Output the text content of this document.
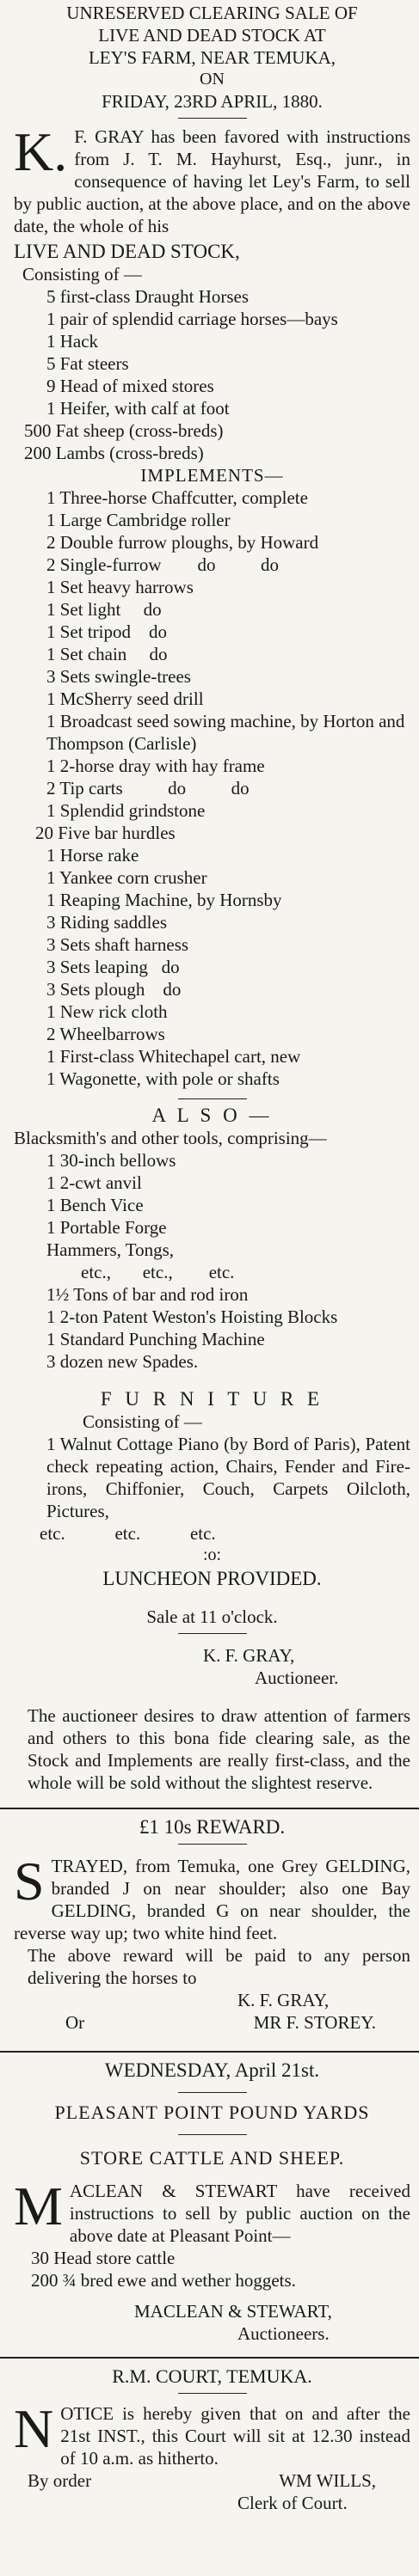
UNRESERVED CLEARING SALE OF
LIVE AND DEAD STOCK AT
LEY'S FARM, NEAR TEMUKA,
ON
FRIDAY, 23RD APRIL, 1880.
K. F. GRAY has been favored with instructions from J. T. M. Hayhurst, Esq., junr., in consequence of having let Ley's Farm, to sell by public auction, at the above place, and on the above date, the whole of his
LIVE AND DEAD STOCK,
Consisting of —
5 first-class Draught Horses
1 pair of splendid carriage horses—bays
1 Hack
5 Fat steers
9 Head of mixed stores
1 Heifer, with calf at foot
500 Fat sheep (cross-breds)
200 Lambs (cross-breds)
IMPLEMENTS—
1 Three-horse Chaffcutter, complete
1 Large Cambridge roller
2 Double furrow ploughs, by Howard
2 Single-furrow        do          do
1 Set heavy harrows
1 Set light     do
1 Set tripod    do
1 Set chain     do
3 Sets swingle-trees
1 McSherry seed drill
1 Broadcast seed sowing machine, by Horton and Thompson (Carlisle)
1 2-horse dray with hay frame
2 Tip carts          do          do
1 Splendid grindstone
20 Five bar hurdles
1 Horse rake
1 Yankee corn crusher
1 Reaping Machine, by Hornsby
3 Riding saddles
3 Sets shaft harness
3 Sets leaping   do
3 Sets plough    do
1 New rick cloth
2 Wheelbarrows
1 First-class Whitechapel cart, new
1 Wagonette, with pole or shafts
A L S O —
Blacksmith's and other tools, comprising—
1 30-inch bellows
1 2-cwt anvil
1 Bench Vice
1 Portable Forge
Hammers, Tongs,
etc.,       etc.,        etc.
1½ Tons of bar and rod iron
1 2-ton Patent Weston's Hoisting Blocks
1 Standard Punching Machine
3 dozen new Spades.
F U R N I T U R E
Consisting of —
1 Walnut Cottage Piano (by Bord of Paris), Patent check repeating action, Chairs, Fender and Fire-irons, Chiffonier, Couch, Carpets Oilcloth, Pictures,
etc.           etc.           etc.
:o:
LUNCHEON PROVIDED.
Sale at 11 o'clock.
K. F. GRAY,
Auctioneer.
The auctioneer desires to draw attention of farmers and others to this bona fide clearing sale, as the Stock and Implements are really first-class, and the whole will be sold without the slightest reserve.
£1 10s REWARD.
S TRAYED, from Temuka, one Grey GELDING, branded J on near shoulder; also one Bay GELDING, branded G on near shoulder, the reverse way up; two white hind feet.
The above reward will be paid to any person delivering the horses to
K. F. GRAY,
Or	MR F. STOREY.
WEDNESDAY, April 21st.
PLEASANT POINT POUND YARDS
STORE CATTLE AND SHEEP.
M ACLEAN & STEWART have received instructions to sell by public auction on the above date at Pleasant Point—
30 Head store cattle
200 ¾ bred ewe and wether hoggets.
MACLEAN & STEWART,
Auctioneers.
R.M. COURT, TEMUKA.
N OTICE is hereby given that on and after the 21st INST., this Court will sit at 12.30 instead of 10 a.m. as hitherto.
By order	WM WILLS,
Clerk of Court.
